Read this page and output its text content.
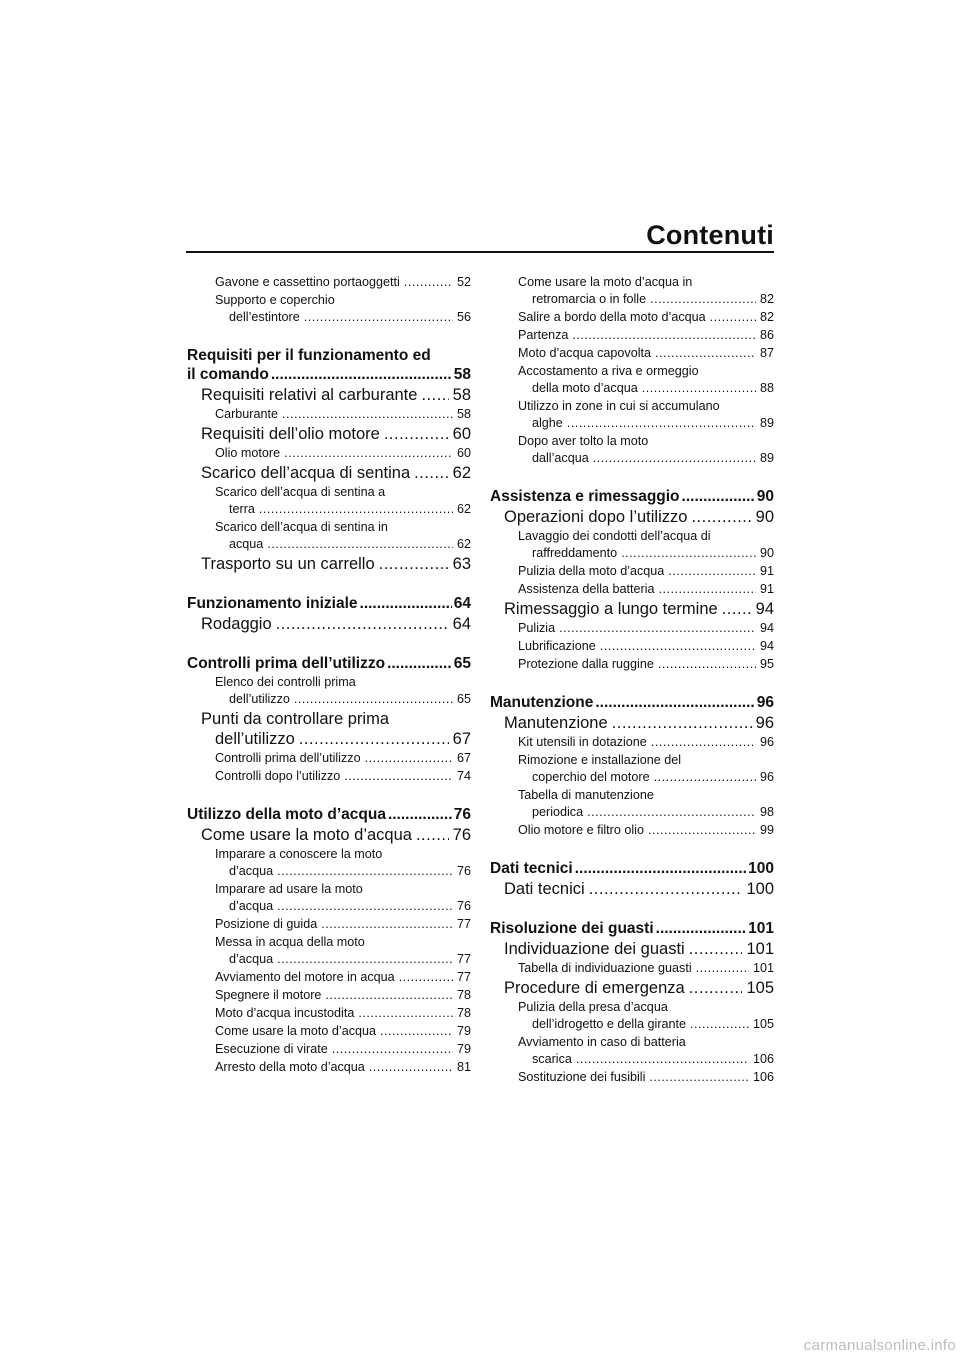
Contenuti
Gavone e cassettino portaoggetti .....	52
Supporto e coperchio
dell’estintore .....	56
Requisiti per il funzionamento ed
il comando .....	58
Requisiti relativi al carburante ..... 58
Carburante .....	58
Requisiti dell’olio motore .....	60
Olio motore .....	60
Scarico dell’acqua di sentina .....	62
Scarico dell’acqua di sentina a
terra .....	62
Scarico dell’acqua di sentina in
acqua .....	62
Trasporto su un carrello .....	63
Funzionamento iniziale .....	64
Rodaggio .....	64
Controlli prima dell’utilizzo .....	65
Elenco dei controlli prima
dell’utilizzo .....	65
Punti da controllare prima
dell’utilizzo .....	67
Controlli prima dell’utilizzo .....	67
Controlli dopo l’utilizzo .....	74
Utilizzo della moto d’acqua .....	76
Come usare la moto d’acqua ..... 76
Imparare a conoscere la moto
d’acqua .....	76
Imparare ad usare la moto
d’acqua .....	76
Posizione di guida .....	77
Messa in acqua della moto
d’acqua .....	77
Avviamento del motore in acqua .....	77
Spegnere il motore .....	78
Moto d’acqua incustodita .....	78
Come usare la moto d’acqua .....	79
Esecuzione di virate .....	79
Arresto della moto d’acqua .....	81
Come usare la moto d’acqua in
retromarcia o in folle .....	82
Salire a bordo della moto d’acqua .....	82
Partenza .....	86
Moto d’acqua capovolta .....	87
Accostamento a riva e ormeggio
della moto d’acqua .....	88
Utilizzo in zone in cui si accumulano
alghe .....	89
Dopo aver tolto la moto
dall’acqua .....	89
Assistenza e rimessaggio .....	90
Operazioni dopo l’utilizzo .....	90
Lavaggio dei condotti dell’acqua di
raffreddamento .....	90
Pulizia della moto d’acqua .....	91
Assistenza della batteria .....	91
Rimessaggio a lungo termine ..... 94
Pulizia .....	94
Lubrificazione .....	94
Protezione dalla ruggine .....	95
Manutenzione .....	96
Manutenzione .....	96
Kit utensili in dotazione .....	96
Rimozione e installazione del
coperchio del motore .....	96
Tabella di manutenzione
periodica .....	98
Olio motore e filtro olio .....	99
Dati tecnici .....	100
Dati tecnici .....	100
Risoluzione dei guasti .....	101
Individuazione dei guasti .....	101
Tabella di individuazione guasti .....	101
Procedure di emergenza .....	105
Pulizia della presa d’acqua
dell’idrogetto e della girante .....	105
Avviamento in caso di batteria
scarica .....	106
Sostituzione dei fusibili .....	106
carmanualsonline.info
